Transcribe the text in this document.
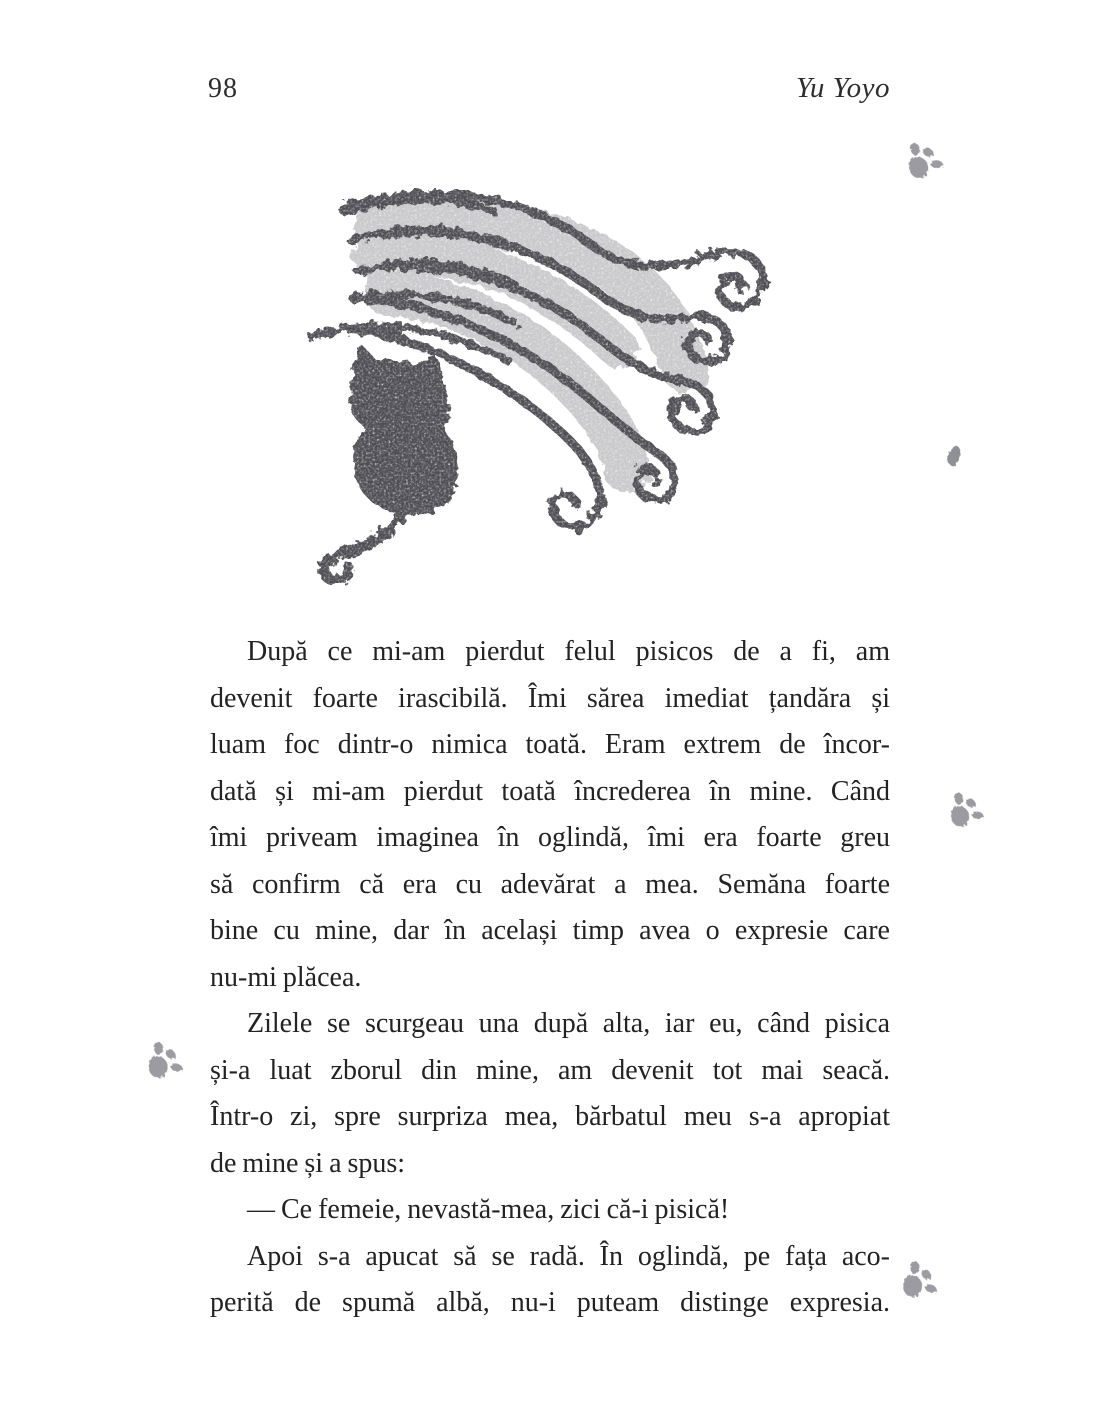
98	Yu Yoyo
După ce mi-am pierdut felul pisicos de a fi, am
devenit foarte irascibilă. Îmi sărea imediat țandăra și
luam foc dintr-o nimica toată. Eram extrem de încor-
dată și mi-am pierdut toată încrederea în mine. Când
îmi priveam imaginea în oglindă, îmi era foarte greu
să confirm că era cu adevărat a mea. Semăna foarte
bine cu mine, dar în același timp avea o expresie care
nu-mi plăcea.
Zilele se scurgeau una după alta, iar eu, când pisica
și-a luat zborul din mine, am devenit tot mai seacă.
Într-o zi, spre surpriza mea, bărbatul meu s-a apropiat
de mine și a spus:
— Ce femeie, nevastă-mea, zici că-i pisică!
Apoi s-a apucat să se radă. În oglindă, pe fața aco-
perită de spumă albă, nu-i puteam distinge expresia.
